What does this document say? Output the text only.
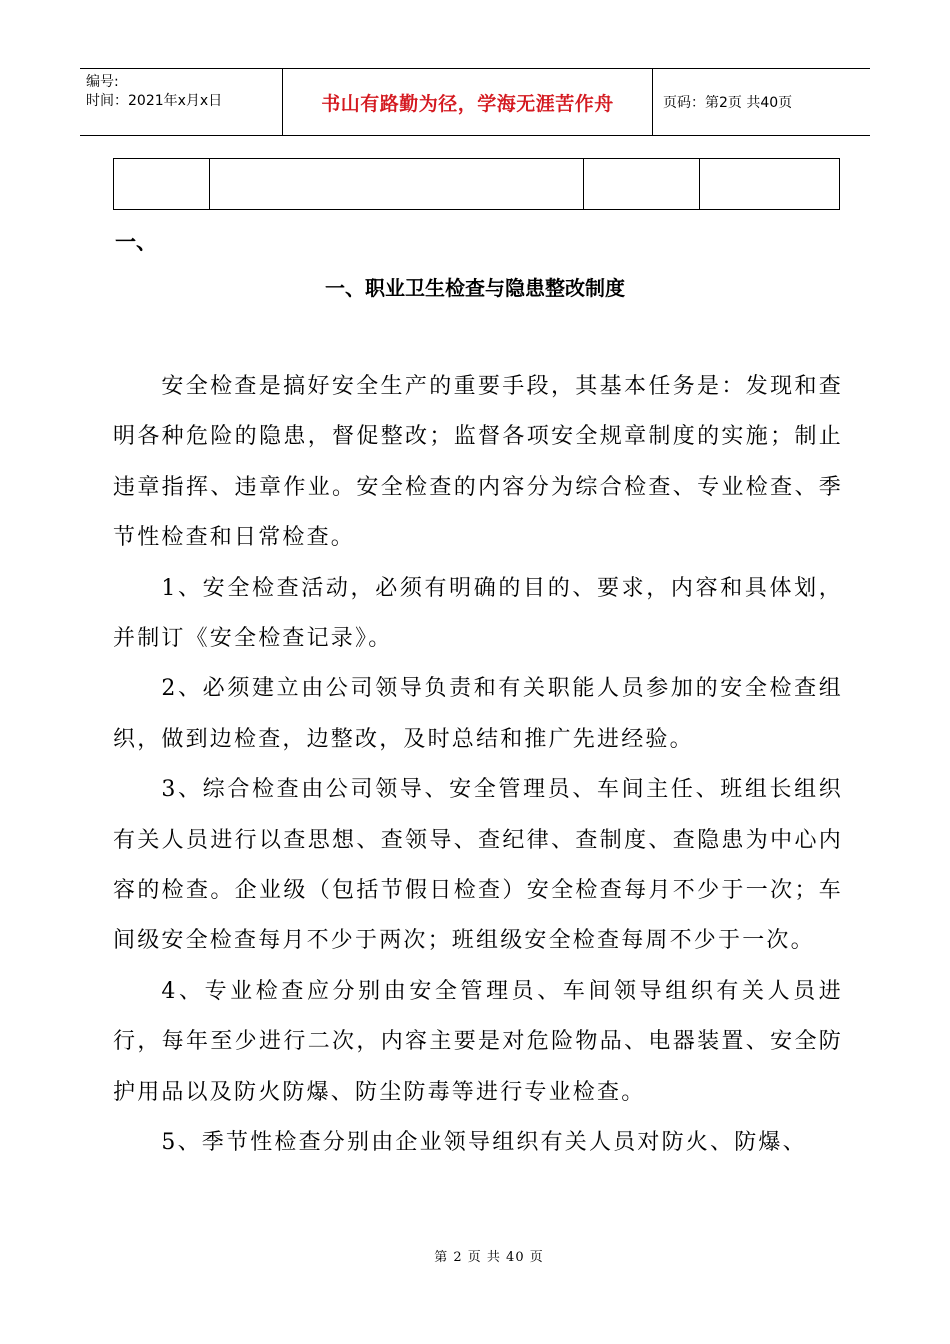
编号:
时间：2021年x月x日	书山有路勤为径，学海无涯苦作舟	页码：第2页 共40页

一、
一、职业卫生检查与隐患整改制度

安全检查是搞好安全生产的重要手段，其基本任务是：发现和查明各种危险的隐患，督促整改；监督各项安全规章制度的实施；制止违章指挥、违章作业。安全检查的内容分为综合检查、专业检查、季节性检查和日常检查。

1、安全检查活动，必须有明确的目的、要求，内容和具体划，并制订《安全检查记录》。

2、必须建立由公司领导负责和有关职能人员参加的安全检查组织，做到边检查，边整改，及时总结和推广先进经验。

3、综合检查由公司领导、安全管理员、车间主任、班组长组织有关人员进行以查思想、查领导、查纪律、查制度、查隐患为中心内容的检查。企业级（包括节假日检查）安全检查每月不少于一次；车间级安全检查每月不少于两次；班组级安全检查每周不少于一次。

4、专业检查应分别由安全管理员、车间领导组织有关人员进行，每年至少进行二次，内容主要是对危险物品、电器装置、安全防护用品以及防火防爆、防尘防毒等进行专业检查。

5、季节性检查分别由企业领导组织有关人员对防火、防爆、

第 2 页 共 40 页
